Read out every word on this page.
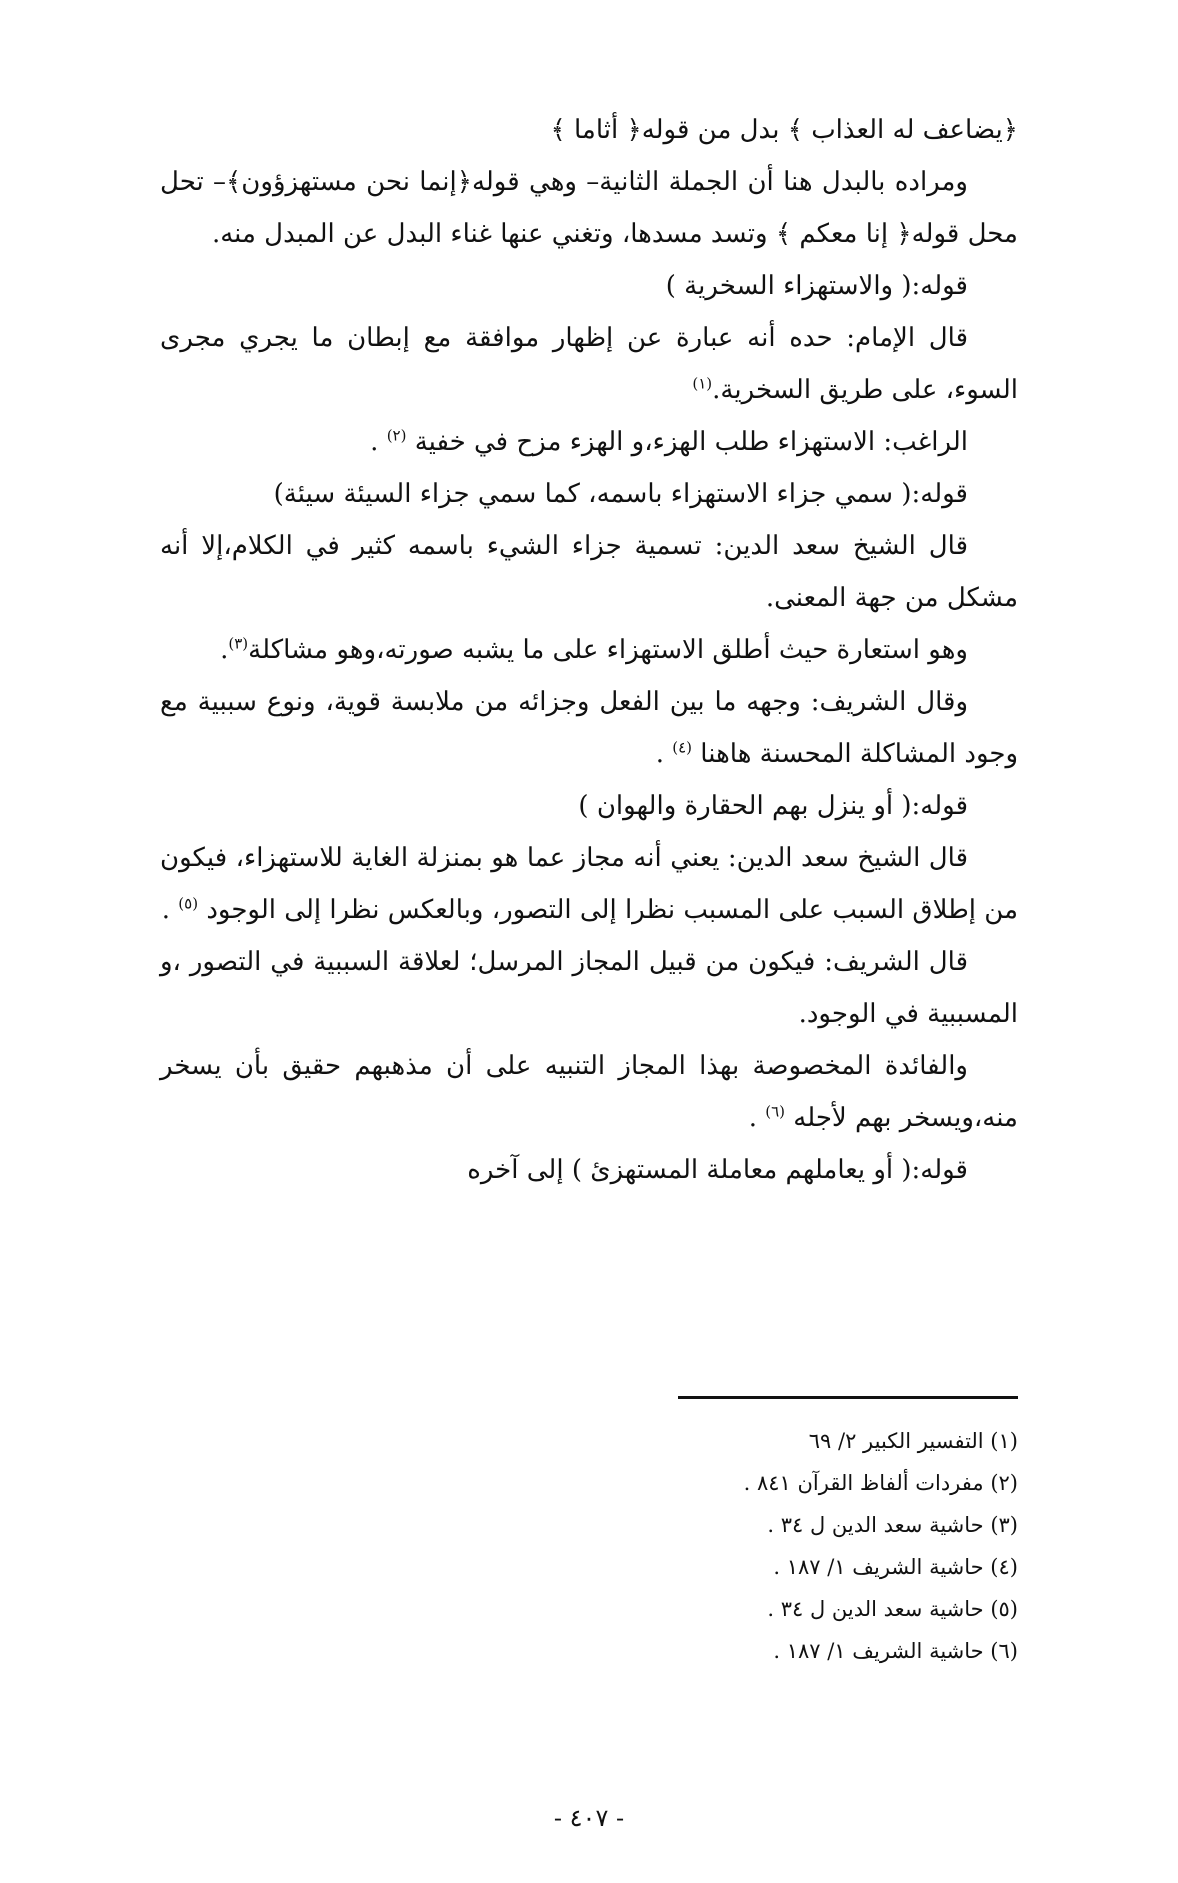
﴿يضاعف له العذاب ﴾ بدل من قوله﴿ أثاما ﴾

ومراده بالبدل هنا أن الجملة الثانية– وهي قوله﴿إنما نحن مستهزؤون﴾– تحل محل قوله﴿ إنا معكم ﴾ وتسد مسدها، وتغني عنها غناء البدل عن المبدل منه.

قوله:( والاستهزاء السخرية )

قال الإمام: حده أنه عبارة عن إظهار موافقة مع إبطان ما يجري مجرى السوء، على طريق السخرية.$^{(١)}$

الراغب: الاستهزاء طلب الهزء،و الهزء مزح في خفية $^{(٢)}$ .

قوله:( سمي جزاء الاستهزاء باسمه، كما سمي جزاء السيئة سيئة)

قال الشيخ سعد الدين: تسمية جزاء الشيء باسمه كثير في الكلام،إلا أنه مشكل من جهة المعنى.

وهو استعارة حيث أطلق الاستهزاء على ما يشبه صورته،وهو مشاكلة$^{(٣)}$.

وقال الشريف: وجهه ما بين الفعل وجزائه من ملابسة قوية، ونوع سببية مع وجود المشاكلة المحسنة هاهنا $^{(٤)}$ .

قوله:( أو ينزل بهم الحقارة والهوان )

قال الشيخ سعد الدين: يعني أنه مجاز عما هو بمنزلة الغاية للاستهزاء، فيكون من إطلاق السبب على المسبب نظرا إلى التصور، وبالعكس نظرا إلى الوجود $^{(٥)}$ .

قال الشريف: فيكون من قبيل المجاز المرسل؛ لعلاقة السببية في التصور ،و المسببية في الوجود.

والفائدة المخصوصة بهذا المجاز التنبيه على أن مذهبهم حقيق بأن يسخر منه،ويسخر بهم لأجله $^{(٦)}$ .

قوله:( أو يعاملهم معاملة المستهزئ ) إلى آخره

(١) التفسير الكبير ٢/ ٦٩
(٢) مفردات ألفاظ القرآن ٨٤١ .
(٣) حاشية سعد الدين ل ٣٤ .
(٤) حاشية الشريف ١/ ١٨٧ .
(٥) حاشية سعد الدين ل ٣٤ .
(٦) حاشية الشريف ١/ ١٨٧ .
- ٤٠٧ -
